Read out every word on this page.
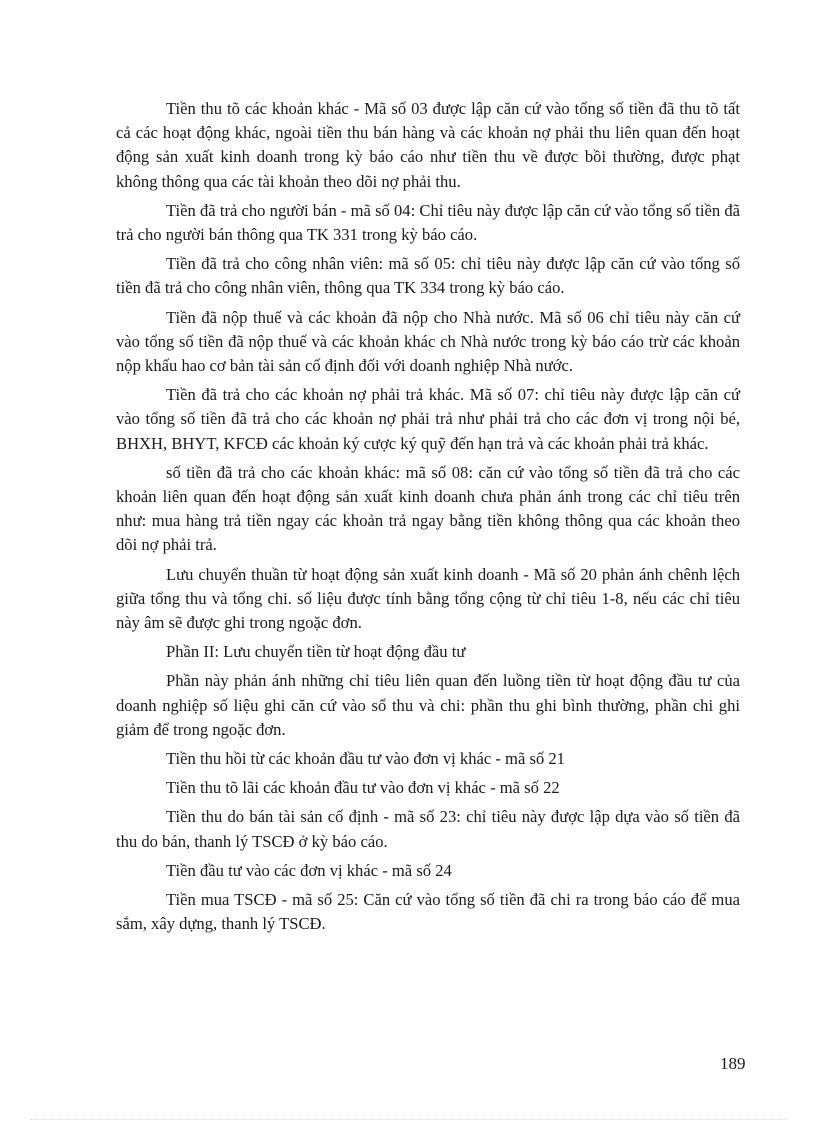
Tiền thu tõ các khoản khác - Mã số 03 được lập căn cứ vào tổng số tiền đã thu tõ tất cả các hoạt động khác, ngoài tiền thu bán hàng và các khoản nợ phải thu liên quan đến hoạt động sản xuất kinh doanh trong kỳ báo cáo như tiền thu về được bồi thường, được phạt không thông qua các tài khoản theo dõi nợ phải thu.

Tiền đã trả cho người bán - mã số 04: Chỉ tiêu này được lập căn cứ vào tổng số tiền đã trả cho người bán thông qua TK 331 trong kỳ báo cáo.

Tiền đã trả cho công nhân viên: mã số 05: chỉ tiêu này được lập căn cứ vào tổng số tiền đã trả cho công nhân viên, thông qua TK 334 trong kỳ báo cáo.

Tiền đã nộp thuế và các khoản đã nộp cho Nhà nước. Mã số 06 chỉ tiêu này căn cứ vào tổng số tiền đã nộp thuế và các khoản khác ch Nhà nước trong kỳ báo cáo trừ các khoản nộp khấu hao cơ bản tài sản cố định đối với doanh nghiệp Nhà nước.

Tiền đã trả cho các khoản nợ phải trả khác. Mã số 07: chỉ tiêu này được lập căn cứ vào tổng số tiền đã trả cho các khoản nợ phải trả như phải trả cho các đơn vị trong nội bé, BHXH, BHYT, KFCĐ các khoản ký cược ký quỹ đến hạn trả và các khoản phải trả khác.

số tiền đã trả cho các khoản khác: mã số 08: căn cứ vào tổng số tiền đã trả cho các khoản liên quan đến hoạt động sản xuất kinh doanh chưa phản ánh trong các chỉ tiêu trên như: mua hàng trả tiền ngay các khoản trả ngay bằng tiền không thông qua các khoản theo dõi nợ phải trả.

Lưu chuyển thuần từ hoạt động sản xuất kinh doanh - Mã số 20 phản ánh chênh lệch giữa tổng thu và tổng chi. số liệu được tính bằng tổng cộng từ chỉ tiêu 1-8, nếu các chỉ tiêu này âm sẽ được ghi trong ngoặc đơn.

Phần II: Lưu chuyển tiền từ hoạt động đầu tư

Phần này phản ánh những chỉ tiêu liên quan đến luồng tiền từ hoạt động đầu tư của doanh nghiệp số liệu ghi căn cứ vào sổ thu và chi: phần thu ghi bình thường, phần chi ghi giảm để trong ngoặc đơn.

Tiền thu hồi từ các khoản đầu tư vào đơn vị khác - mã số 21

Tiền thu tõ lãi các khoản đầu tư vào đơn vị khác - mã số 22

Tiền thu do bán tài sản cố định - mã số 23: chỉ tiêu này được lập dựa vào số tiền đã thu do bán, thanh lý TSCĐ ở kỳ báo cáo.

Tiền đầu tư vào các đơn vị khác - mã số 24

Tiền mua TSCĐ - mã số 25: Căn cứ vào tổng số tiền đã chi ra trong báo cáo để mua sắm, xây dựng, thanh lý TSCĐ.

189
